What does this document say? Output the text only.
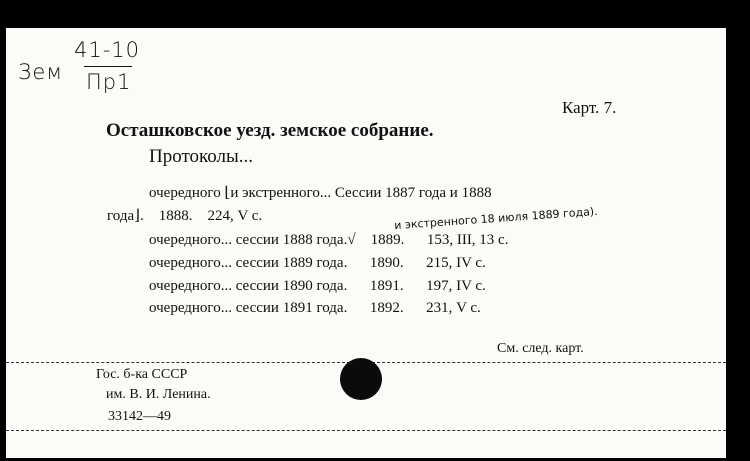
41-10
Зем Пр1
Карт. 7.
Осташковское уезд. земское собрание.
Протоколы...
очередного ⌊и экстренного... Сессии 1887 года и 1888
года⌋.    1888.    224, V с.	и экстренного 18 июля 1889 года).
очередного... сессии 1888 года.√    1889.      153, III, 13 с.
очередного... сессии 1889 года.      1890.      215, IV с.
очередного... сессии 1890 года.      1891.      197, IV с.
очередного... сессии 1891 года.      1892.      231, V с.
См. след. карт.
Гос. б-ка СССР
им. В. И. Ленина.
33142—49
